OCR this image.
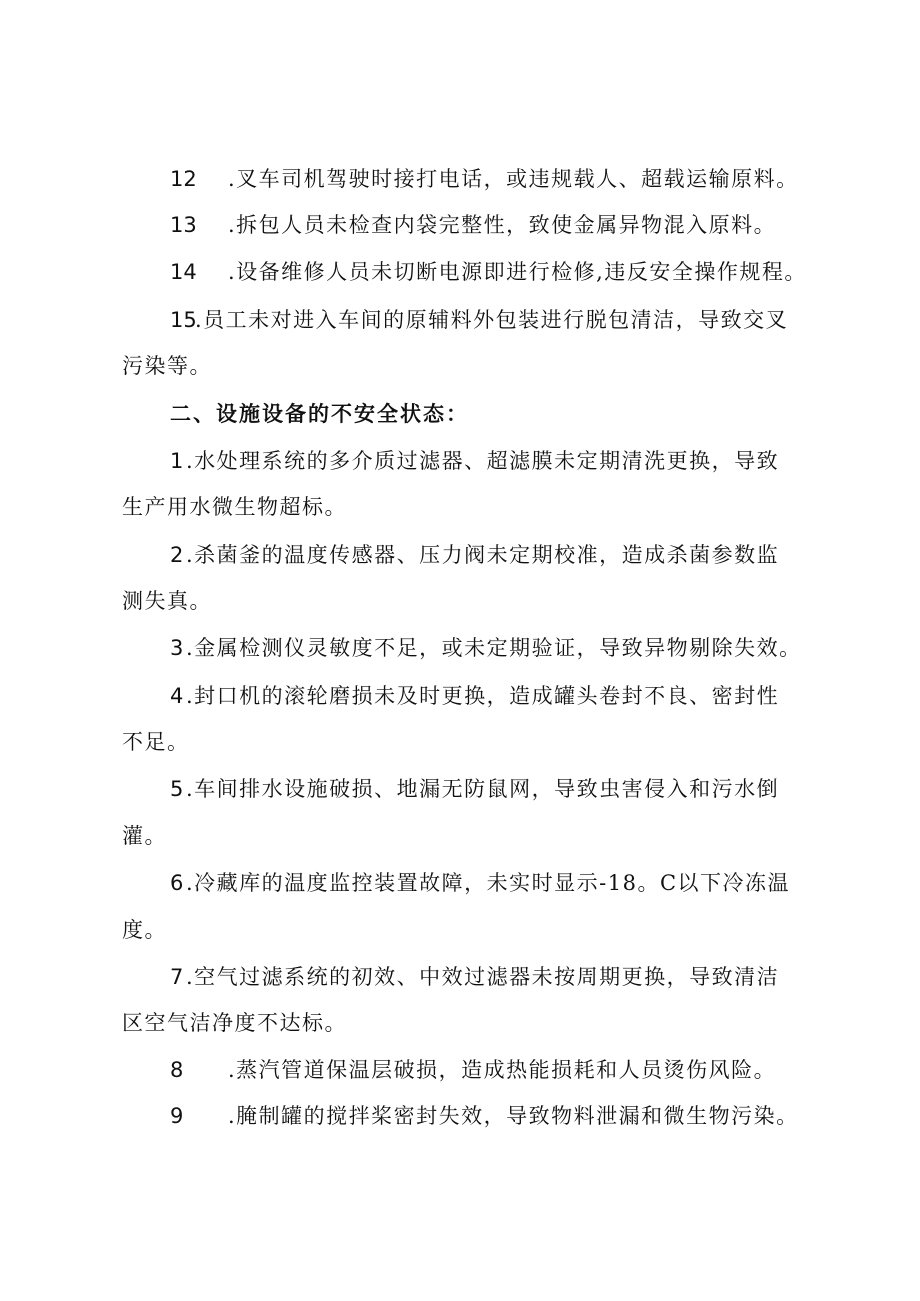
12 .叉车司机驾驶时接打电话，或违规载人、超载运输原料。
13 .拆包人员未检查内袋完整性，致使金属异物混入原料。
14 .设备维修人员未切断电源即进行检修,违反安全操作规程。
15
.员工未对进入车间的原辅料外包装进行脱包清洁，导致交叉
污染等。
二、设施设备的不安全状态：
1 .水处理系统的多介质过滤器、超滤膜未定期清洗更换，导致
生产用水微生物超标。
2 .杀菌釜的温度传感器、压力阀未定期校准，造成杀菌参数监
测失真。
3 .金属检测仪灵敏度不足，或未定期验证，导致异物剔除失效。
4 .封口机的滚轮磨损未及时更换，造成罐头卷封不良、密封性
不足。
5 .车间排水设施破损、地漏无防鼠网，导致虫害侵入和污水倒
灌。
6 .冷藏库的温度监控装置故障，未实时显示-18。C以下冷冻温
度。
7 .空气过滤系统的初效、中效过滤器未按周期更换，导致清洁
区空气洁净度不达标。
8 .蒸汽管道保温层破损，造成热能损耗和人员烫伤风险。
9 .腌制罐的搅拌桨密封失效，导致物料泄漏和微生物污染。
